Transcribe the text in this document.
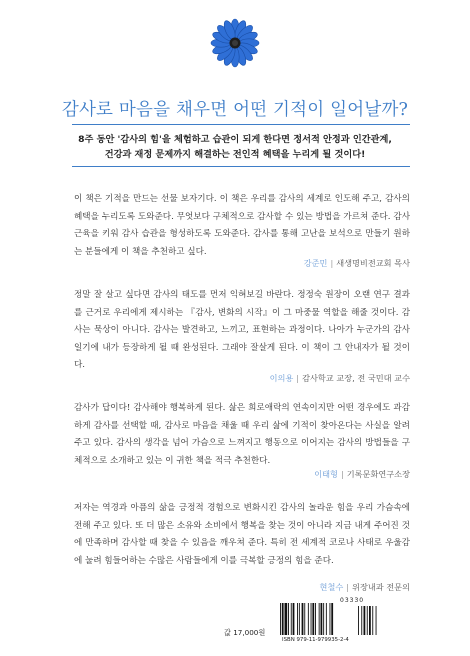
감사로 마음을 채우면 어떤 기적이 일어날까?
8주 동안 '감사의 힘'을 체험하고 습관이 되게 한다면 정서적 안정과 인간관계,
건강과 재정 문제까지 해결하는 전인적 혜택을 누리게 될 것이다!

이 책은 기적을 만드는 선물 보자기다. 이 책은 우리를 감사의 세계로 인도해 주고, 감사의 혜택을 누리도록 도와준다. 무엇보다 구체적으로 감사할 수 있는 방법을 가르쳐 준다. 감사 근육을 키워 감사 습관을 형성하도록 도와준다. 감사를 통해 고난을 보석으로 만들기 원하는 분들에게 이 책을 추천하고 싶다.

강준민 | 새생명비전교회 목사

정말 잘 살고 싶다면 감사의 태도를 먼저 익혀보길 바란다. 정정숙 원장이 오랜 연구 결과를 근거로 우리에게 제시하는 『감사, 변화의 시작』이 그 마중물 역할을 해줄 것이다. 감사는 묵상이 아니다. 감사는 발견하고, 느끼고, 표현하는 과정이다. 나아가 누군가의 감사일기에 내가 등장하게 될 때 완성된다. 그래야 잘살게 된다. 이 책이 그 안내자가 될 것이다.

이의용 | 감사학교 교장, 전 국민대 교수

감사가 답이다! 감사해야 행복하게 된다. 삶은 희로애락의 연속이지만 어떤 경우에도 과감하게 감사를 선택할 때, 감사로 마음을 채울 때 우리 삶에 기적이 찾아온다는 사실을 알려주고 있다. 감사의 생각을 넘어 가슴으로 느껴지고 행동으로 이어지는 감사의 방법들을 구체적으로 소개하고 있는 이 귀한 책을 적극 추천한다.

이태형 | 기록문화연구소장

저자는 역경과 아픔의 삶을 긍정적 경험으로 변화시킨 감사의 놀라운 힘을 우리 가슴속에 전해 주고 있다. 또 더 많은 소유와 소비에서 행복을 찾는 것이 아니라 지금 내게 주어진 것에 만족하며 감사할 때 찾을 수 있음을 깨우쳐 준다. 특히 전 세계적 코로나 사태로 우울감에 눌려 힘들어하는 수많은 사람들에게 이를 극복할 긍정의 힘을 준다.

현철수 | 위장내과 전문의
값 17,000원
03330
ISBN 979-11-979935-2-4
